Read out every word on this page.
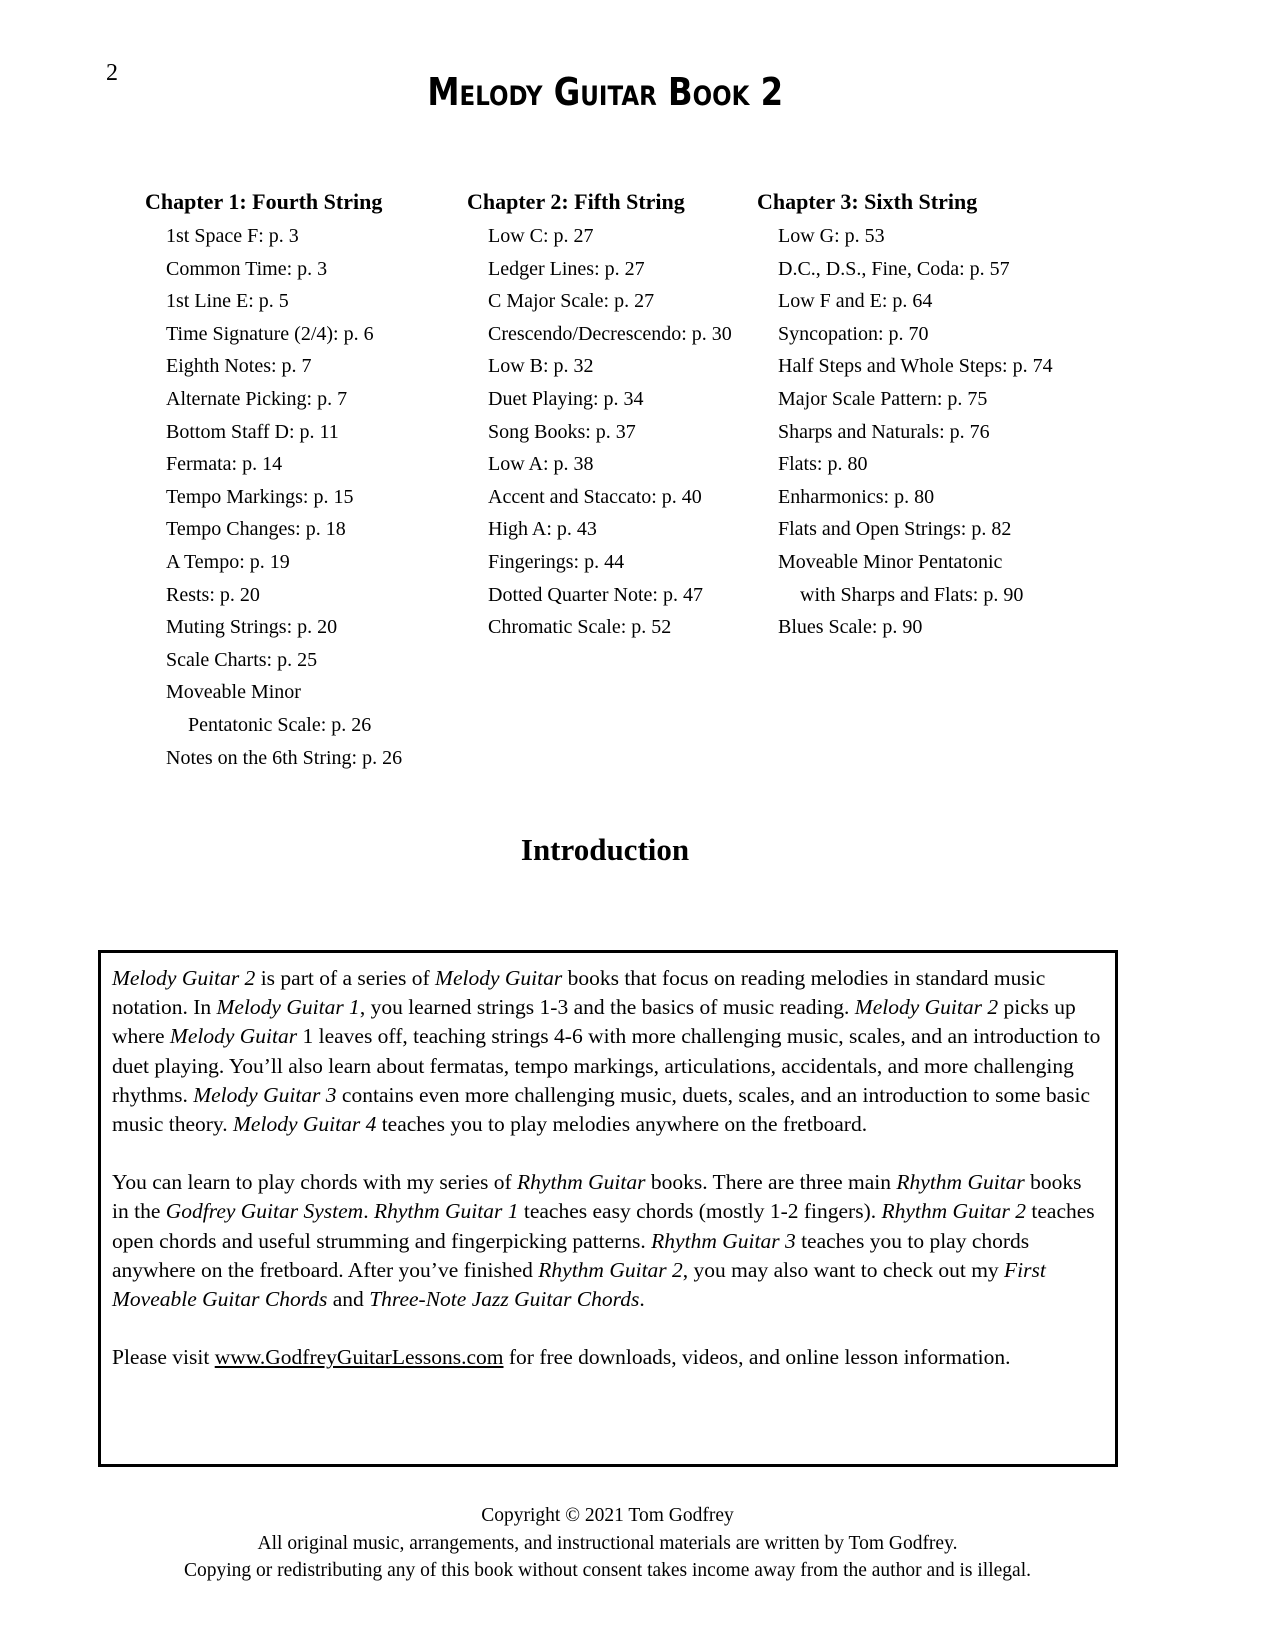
2	Melody Guitar Book 2
Chapter 1: Fourth String
1st Space F: p. 3
Common Time: p. 3
1st Line E: p. 5
Time Signature (2/4): p. 6
Eighth Notes: p. 7
Alternate Picking: p. 7
Bottom Staff D: p. 11
Fermata: p. 14
Tempo Markings: p. 15
Tempo Changes: p. 18
A Tempo: p. 19
Rests: p. 20
Muting Strings: p. 20
Scale Charts: p. 25
Moveable Minor
Pentatonic Scale: p. 26
Notes on the 6th String: p. 26
Chapter 2: Fifth String
Low C: p. 27
Ledger Lines: p. 27
C Major Scale: p. 27
Crescendo/Decrescendo: p. 30
Low B: p. 32
Duet Playing: p. 34
Song Books: p. 37
Low A: p. 38
Accent and Staccato: p. 40
High A: p. 43
Fingerings: p. 44
Dotted Quarter Note: p. 47
Chromatic Scale: p. 52
Chapter 3: Sixth String
Low G: p. 53
D.C., D.S., Fine, Coda: p. 57
Low F and E: p. 64
Syncopation: p. 70
Half Steps and Whole Steps: p. 74
Major Scale Pattern: p. 75
Sharps and Naturals: p. 76
Flats: p. 80
Enharmonics: p. 80
Flats and Open Strings: p. 82
Moveable Minor Pentatonic
with Sharps and Flats: p. 90
Blues Scale: p. 90
Introduction
Melody Guitar 2 is part of a series of Melody Guitar books that focus on reading melodies in standard music notation. In Melody Guitar 1, you learned strings 1-3 and the basics of music reading. Melody Guitar 2 picks up where Melody Guitar 1 leaves off, teaching strings 4-6 with more challenging music, scales, and an introduction to duet playing. You’ll also learn about fermatas, tempo markings, articulations, accidentals, and more challenging rhythms. Melody Guitar 3 contains even more challenging music, duets, scales, and an introduction to some basic music theory. Melody Guitar 4 teaches you to play melodies anywhere on the fretboard.
You can learn to play chords with my series of Rhythm Guitar books. There are three main Rhythm Guitar books in the Godfrey Guitar System. Rhythm Guitar 1 teaches easy chords (mostly 1-2 fingers). Rhythm Guitar 2 teaches open chords and useful strumming and fingerpicking patterns. Rhythm Guitar 3 teaches you to play chords anywhere on the fretboard. After you’ve finished Rhythm Guitar 2, you may also want to check out my First Moveable Guitar Chords and Three-Note Jazz Guitar Chords.
Please visit www.GodfreyGuitarLessons.com for free downloads, videos, and online lesson information.
Copyright © 2021 Tom Godfrey
All original music, arrangements, and instructional materials are written by Tom Godfrey.
Copying or redistributing any of this book without consent takes income away from the author and is illegal.
